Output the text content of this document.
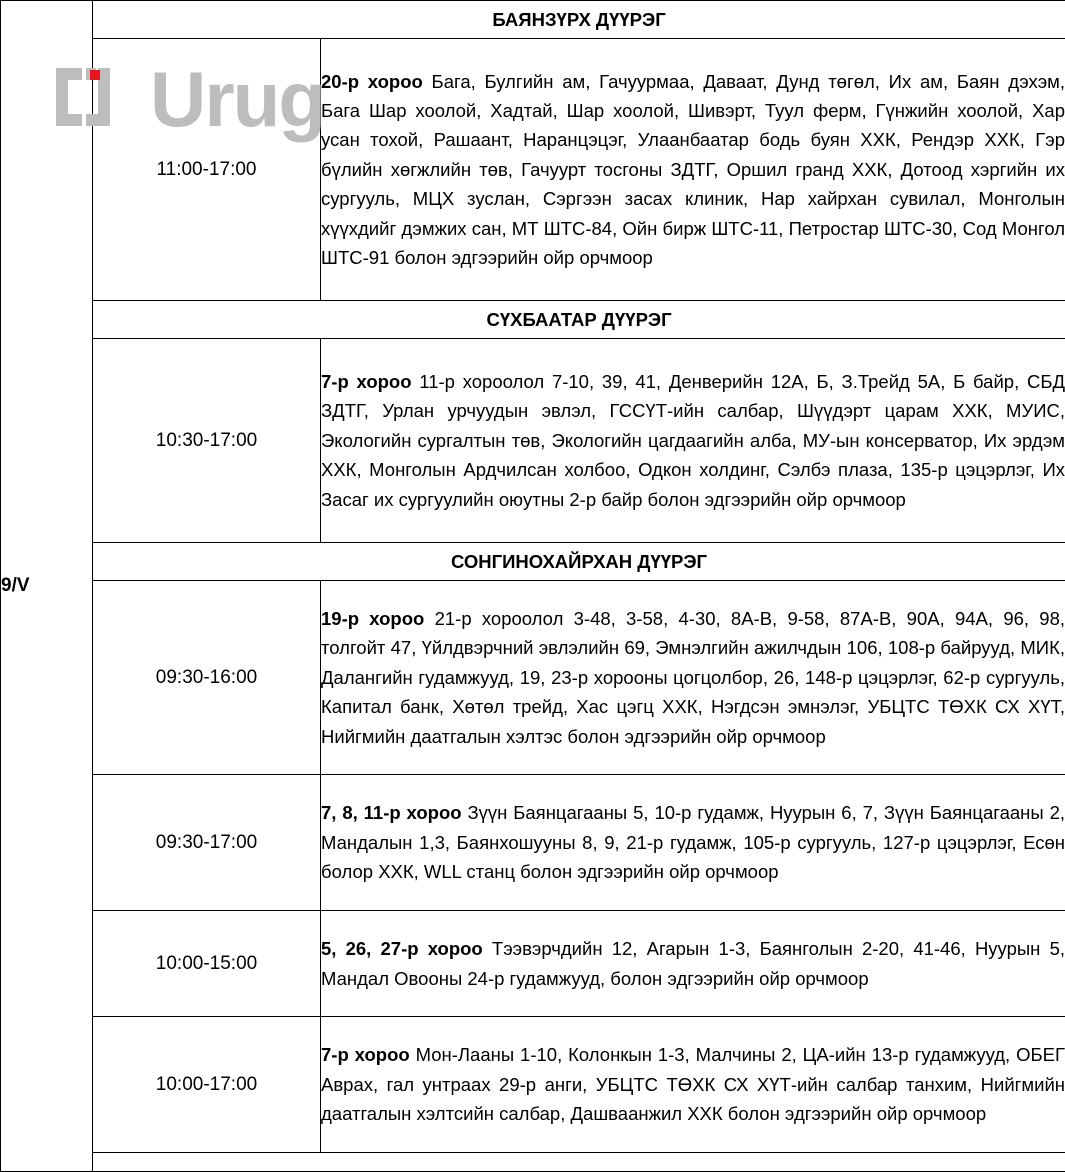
9/V	БАЯНЗҮРХ ДҮҮРЭГ	
	11:00-17:00	20-р хороо Бага, Булгийн ам, Гачуурмаа, Даваат, Дунд төгөл, Их ам, Баян дэхэм, Бага Шар хоолой, Хадтай, Шар хоолой, Шивэрт, Туул ферм, Гүнжийн хоолой, Хар усан тохой, Рашаант, Наранцэцэг, Улаанбаатар бодь буян ХХК, Рендэр ХХК, Гэр бүлийн хөгжлийн төв, Гачуурт тосгоны ЗДТГ, Оршил гранд ХХК, Дотоод хэргийн их сургууль, МЦХ зуслан, Сэргээн засах клиник, Нар хайрхан сувилал, Монголын хүүхдийг дэмжих сан, МТ ШТС-84, Ойн бирж ШТС-11, Петростар ШТС-30, Сод Монгол ШТС-91 болон эдгээрийн ойр орчмоор
	СҮХБААТАР ДҮҮРЭГ	
	10:30-17:00	7-р хороо 11-р хороолол 7-10, 39, 41, Денверийн 12А, Б, З.Трейд 5А, Б байр, СБД ЗДТГ, Урлан урчуудын эвлэл, ГССҮТ-ийн салбар, Шүүдэрт царам ХХК, МУИС, Экологийн сургалтын төв, Экологийн цагдаагийн алба, МУ-ын консерватор, Их эрдэм ХХК, Монголын Ардчилсан холбоо, Одкон холдинг, Сэлбэ плаза, 135-р цэцэрлэг, Их Засаг их сургуулийн оюутны 2-р байр болон эдгээрийн ойр орчмоор
	СОНГИНОХАЙРХАН ДҮҮРЭГ	
	09:30-16:00	19-р хороо 21-р хороолол 3-48, 3-58, 4-30, 8А-В, 9-58, 87А-В, 90А, 94А, 96, 98, толгойт 47, Үйлдвэрчний эвлэлийн 69, Эмнэлгийн ажилчдын 106, 108-р байрууд, МИК, Далангийн гудамжууд, 19, 23-р хорооны цогцолбор, 26, 148-р цэцэрлэг, 62-р сургууль, Капитал банк, Хөтөл трейд, Хас цэгц ХХК, Нэгдсэн эмнэлэг, УБЦТС ТӨХК СХ ХҮТ, Нийгмийн даатгалын хэлтэс болон эдгээрийн ойр орчмоор
	09:30-17:00	7, 8, 11-р хороо Зүүн Баянцагааны 5, 10-р гудамж, Нуурын 6, 7, Зүүн Баянцагааны 2, Мандалын 1,3, Баянхошууны 8, 9, 21-р гудамж, 105-р сургууль, 127-р цэцэрлэг, Есөн болор ХХК, WLL станц болон эдгээрийн ойр орчмоор
	10:00-15:00	5, 26, 27-р хороо Тээвэрчдийн 12, Агарын 1-3, Баянголын 2-20, 41-46, Нуурын 5, Мандал Овооны 24-р гудамжууд, болон эдгээрийн ойр орчмоор
	10:00-17:00	7-р хороо Мон-Лааны 1-10, Колонкын 1-3, Малчины 2, ЦА-ийн 13-р гудамжууд, ОБЕГ Аврах, гал унтраах 29-р анги, УБЦТС ТӨХК СХ ХҮТ-ийн салбар танхим, Нийгмийн даатгалын хэлтсийн салбар, Дашваанжил ХХК болон эдгээрийн ойр орчмоор

Urug
